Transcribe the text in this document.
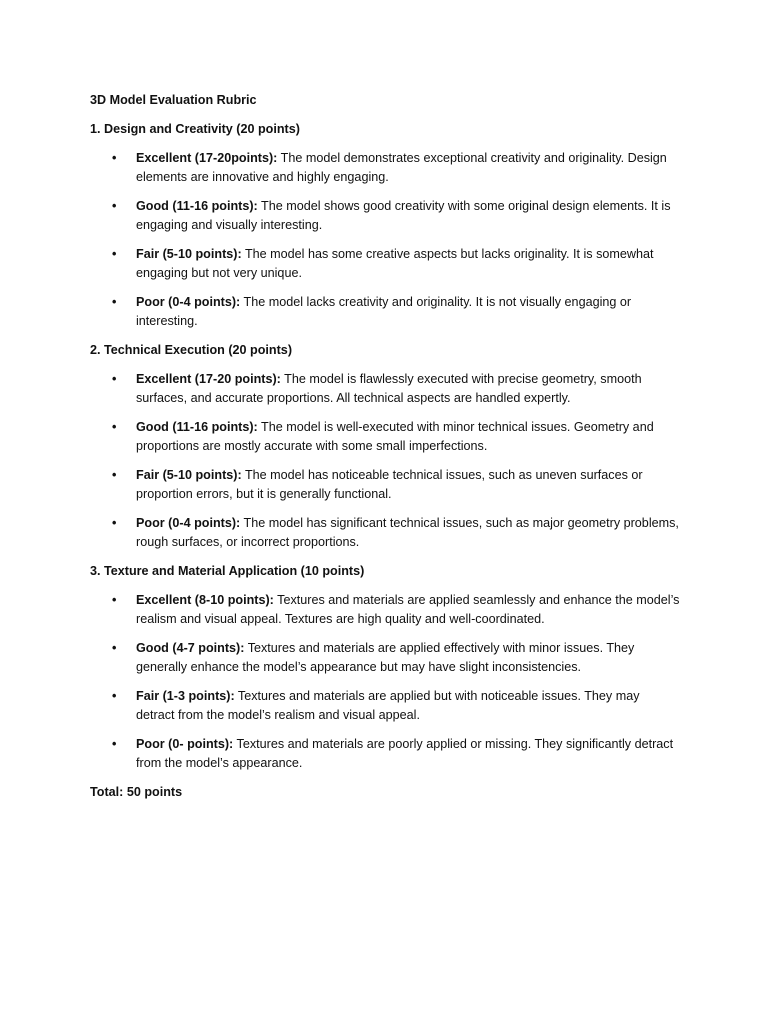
3D Model Evaluation Rubric

1. Design and Creativity (20 points)

• Excellent (17-20points): The model demonstrates exceptional creativity and originality. Design elements are innovative and highly engaging.
• Good (11-16 points): The model shows good creativity with some original design elements. It is engaging and visually interesting.
• Fair (5-10 points): The model has some creative aspects but lacks originality. It is somewhat engaging but not very unique.
• Poor (0-4 points): The model lacks creativity and originality. It is not visually engaging or interesting.

2. Technical Execution (20 points)

• Excellent (17-20 points): The model is flawlessly executed with precise geometry, smooth surfaces, and accurate proportions. All technical aspects are handled expertly.
• Good (11-16 points): The model is well-executed with minor technical issues. Geometry and proportions are mostly accurate with some small imperfections.
• Fair (5-10 points): The model has noticeable technical issues, such as uneven surfaces or proportion errors, but it is generally functional.
• Poor (0-4 points): The model has significant technical issues, such as major geometry problems, rough surfaces, or incorrect proportions.

3. Texture and Material Application (10 points)

• Excellent (8-10 points): Textures and materials are applied seamlessly and enhance the model’s realism and visual appeal. Textures are high quality and well-coordinated.
• Good (4-7 points): Textures and materials are applied effectively with minor issues. They generally enhance the model’s appearance but may have slight inconsistencies.
• Fair (1-3 points): Textures and materials are applied but with noticeable issues. They may detract from the model’s realism and visual appeal.
• Poor (0- points): Textures and materials are poorly applied or missing. They significantly detract from the model’s appearance.

Total: 50 points
